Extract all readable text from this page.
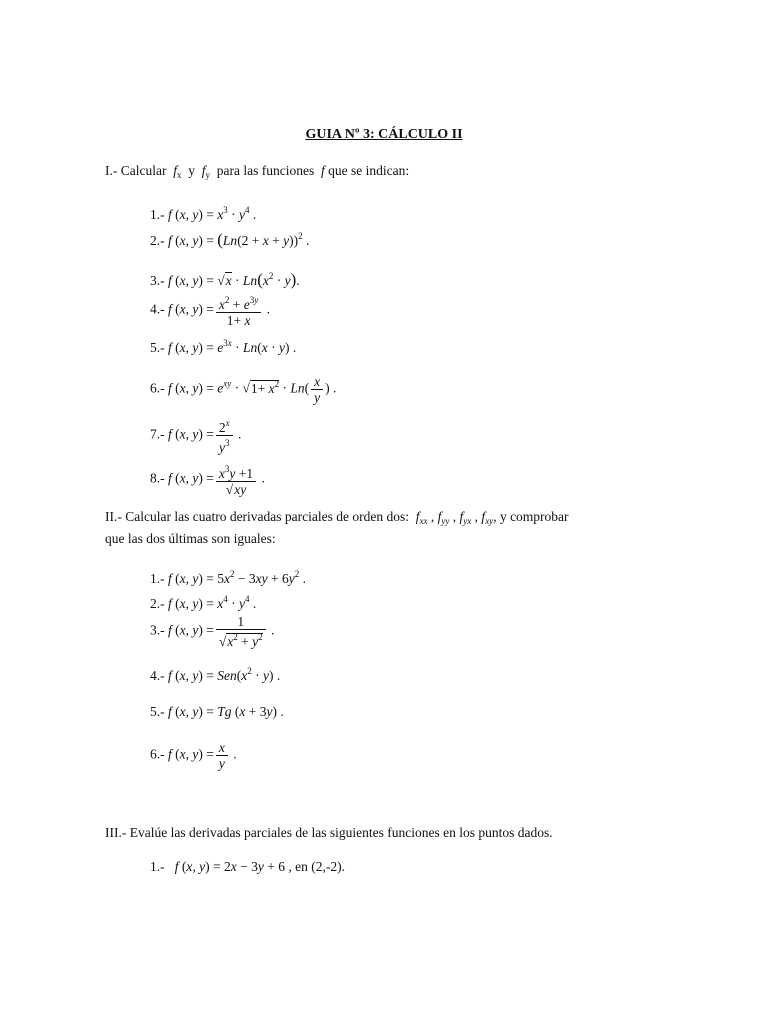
GUIA Nº 3: CÁLCULO II
I.- Calcular $f_x$ y $f_y$ para las funciones f que se indican:
1.- f (x, $y) = x^3 \cdot y^4$ .
2.- f (x, $y) = (Ln(2 + x + y))^2$ .
3.- f (x, $y) = √x \cdot Ln(x^2 \cdot y)$.
4.- f (x, $y) = \frac{x^2 + e^{3y}}{1+ x}$ .
5.- f (x, $y) = e^{3x} \cdot Ln(x \cdot y)$ .
6.- f (x, $y) = e^{xy} \cdot √1+ x^2 \cdot Ln( \frac{x}{y}$ ) .
7.- f (x, $y) = \frac{2^x}{y^3}$ .
8.- f (x, $y) = \frac{x^3y +1}{√xy}$ .
II.- Calcular las cuatro derivadas parciales de orden dos: $f_{xx}$ , $f_{yy}$ , $f_{yx}$ , $f_{xy}$, y comprobar
que las dos últimas son iguales:
1.- f (x, $y) = 5x^2 - 3xy + 6y^2$ .
2.- f (x, $y) = x^4 \cdot y^4$ .
3.- f (x, $y) = \frac{1}{√x^2 + y^2}$ .
4.- f (x, $y) = Sen(x^2 \cdot y)$ .
5.- f (x, y) = Tg (x + 3y) .
6.- f (x, $y) = \frac{x}{y}$ .
III.- Evalúe las derivadas parciales de las siguientes funciones en los puntos dados.
1.- f (x, y) = 2x − 3y + 6 , en (2,-2).
